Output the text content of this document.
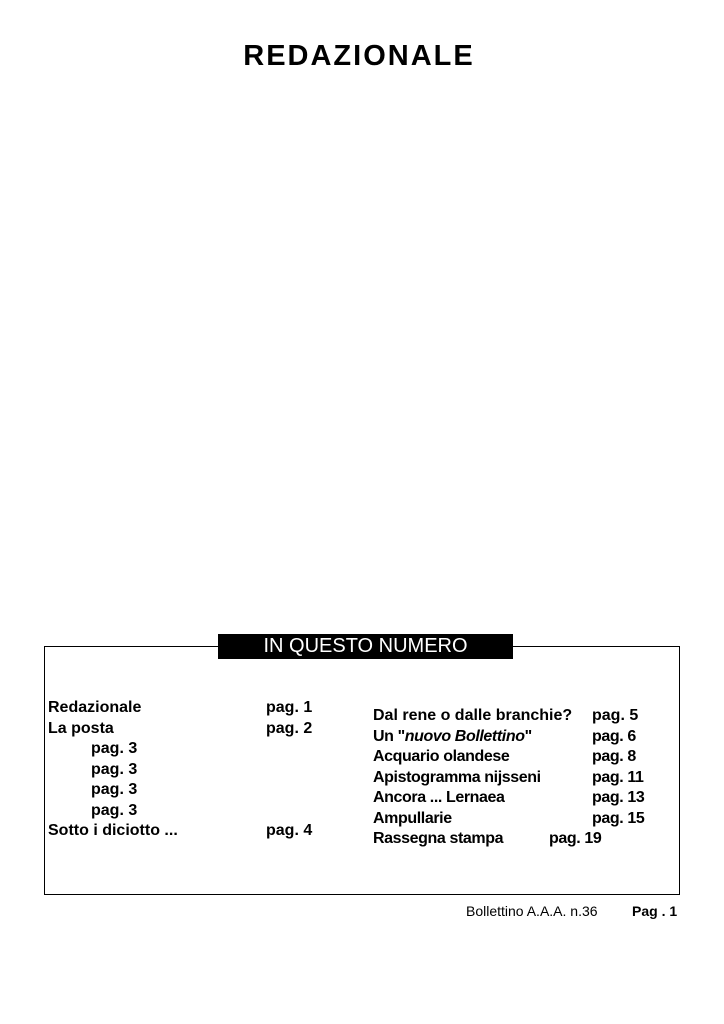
REDAZIONALE
IN QUESTO NUMERO
Redazionale	pag. 1
La posta	pag. 2
pag. 3
pag. 3
pag. 3
pag. 3
Sotto i diciotto ...	pag. 4
Dal rene o dalle branchie? pag. 5
Un "nuovo Bollettino"	pag. 6
Acquario olandese	pag. 8
Apistogramma nijsseni	pag. 11
Ancora ... Lernaea	pag. 13
Ampullarie	pag. 15
Rassegna stampa	pag. 19
Bollettino A.A.A. n.36 Pag . 1
